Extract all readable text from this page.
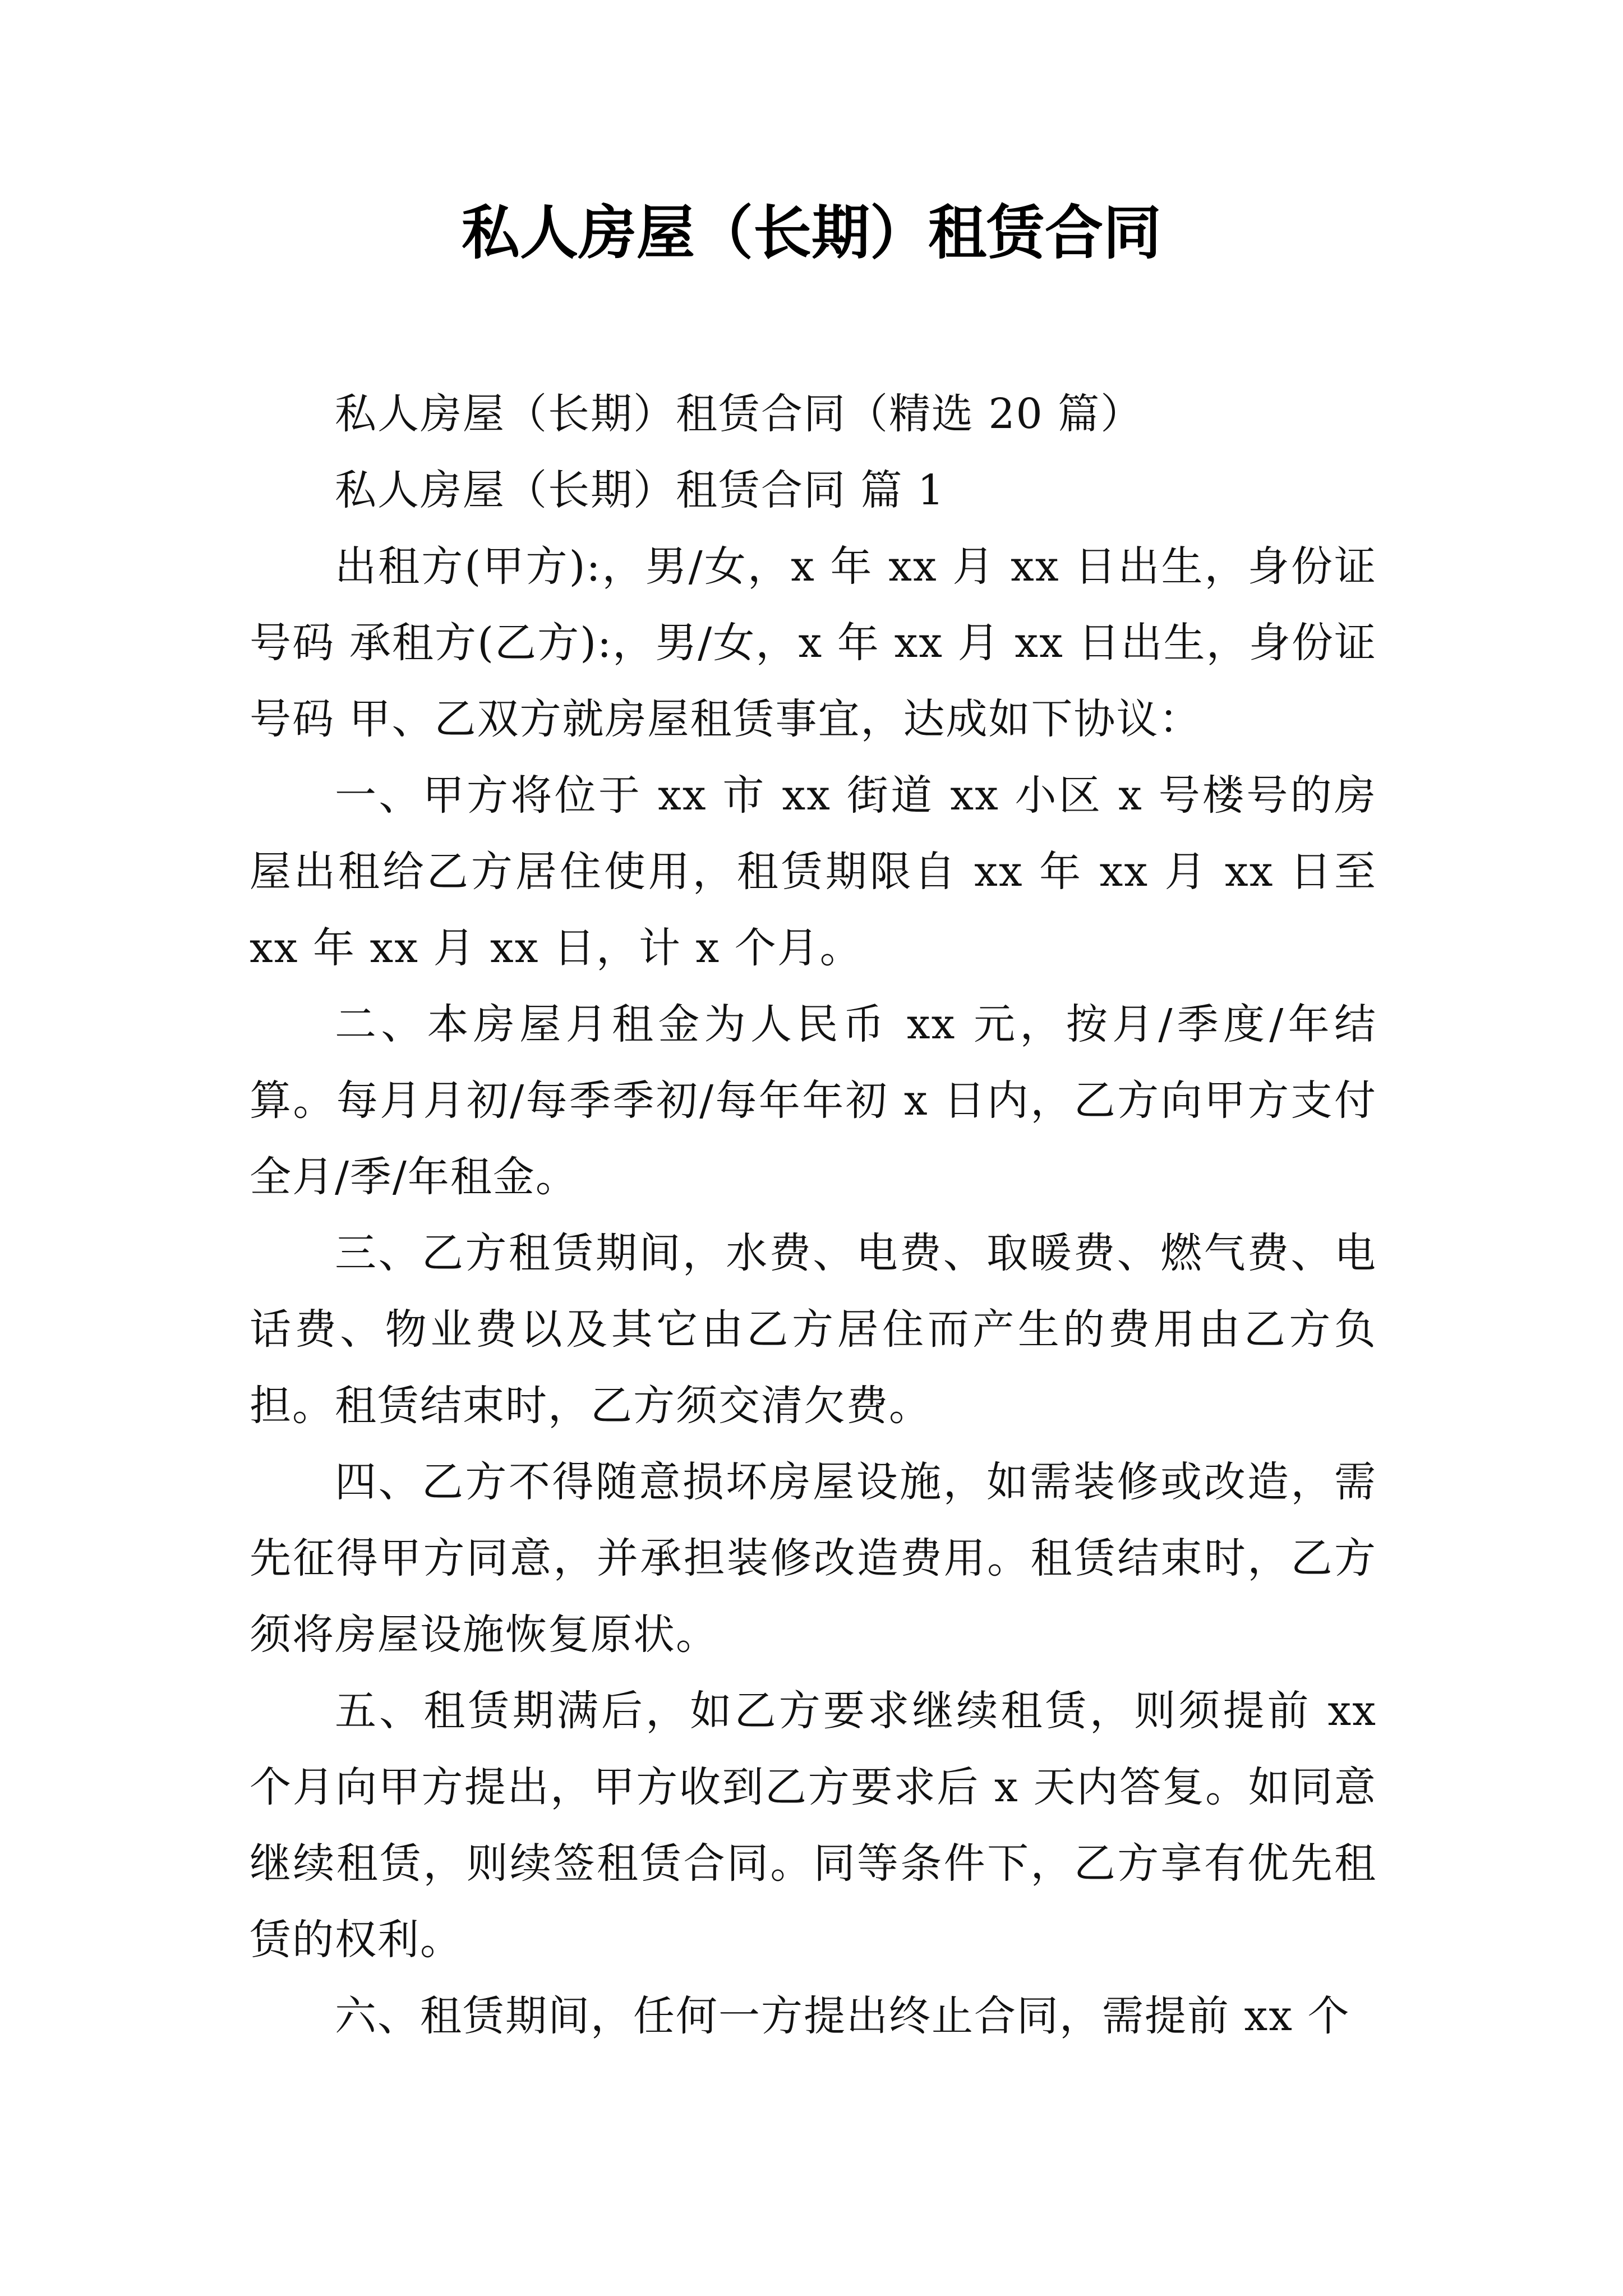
私人房屋（长期）租赁合同

私人房屋（长期）租赁合同（精选 20 篇）

私人房屋（长期）租赁合同 篇 1

出租方(甲方):，男/女，x 年 xx 月 xx 日出生，身份证号码 承租方(乙方):，男/女，x 年 xx 月 xx 日出生，身份证号码 甲、乙双方就房屋租赁事宜，达成如下协议：

一、甲方将位于 xx 市 xx 街道 xx 小区 x 号楼号的房屋出租给乙方居住使用，租赁期限自 xx 年 xx 月 xx 日至 xx 年 xx 月 xx 日，计 x 个月。

二、本房屋月租金为人民币 xx 元，按月/季度/年结算。每月月初/每季季初/每年年初 x 日内，乙方向甲方支付全月/季/年租金。

三、乙方租赁期间，水费、电费、取暖费、燃气费、电话费、物业费以及其它由乙方居住而产生的费用由乙方负担。租赁结束时，乙方须交清欠费。

四、乙方不得随意损坏房屋设施，如需装修或改造，需先征得甲方同意，并承担装修改造费用。租赁结束时，乙方须将房屋设施恢复原状。

五、租赁期满后，如乙方要求继续租赁，则须提前 xx 个月向甲方提出，甲方收到乙方要求后 x 天内答复。如同意继续租赁，则续签租赁合同。同等条件下，乙方享有优先租赁的权利。

六、租赁期间，任何一方提出终止合同，需提前 xx 个
